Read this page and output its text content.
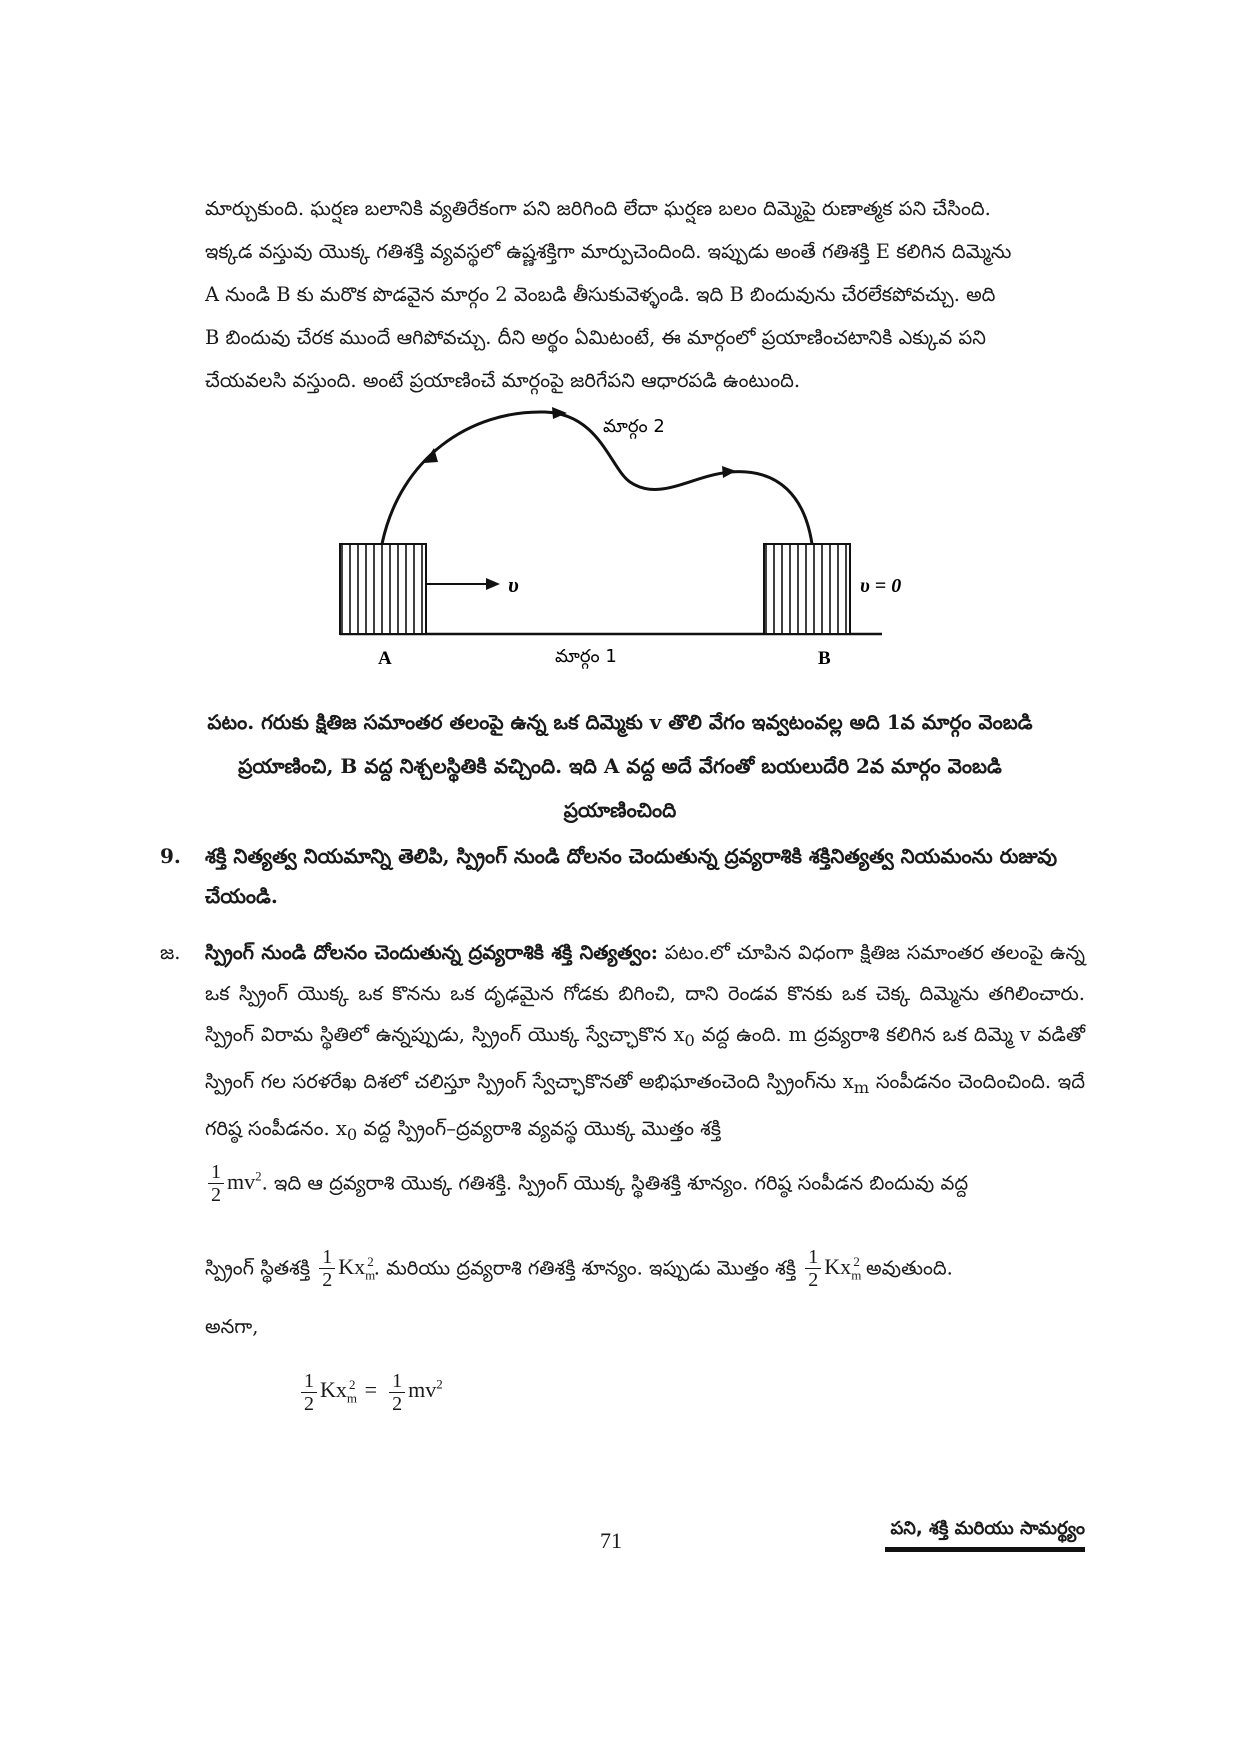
మార్చుకుంది. ఘర్షణ బలానికి వ్యతిరేకంగా పని జరిగింది లేదా ఘర్షణ బలం దిమ్మెపై రుణాత్మక పని చేసింది.

ఇక్కడ వస్తువు యొక్క గతిశక్తి వ్యవస్థలో ఉష్ణశక్తిగా మార్పుచెందింది. ఇప్పుడు అంతే గతిశక్తి E కలిగిన దిమ్మెను

A నుండి B కు మరొక పొడవైన మార్గం 2 వెంబడి తీసుకువెళ్ళండి. ఇది B బిందువును చేరలేకపోవచ్చు. అది

B బిందువు చేరక ముందే ఆగిపోవచ్చు. దీని అర్థం ఏమిటంటే, ఈ మార్గంలో ప్రయాణించటానికి ఎక్కువ పని

చేయవలసి వస్తుంది. అంటే ప్రయాణించే మార్గంపై జరిగేపని ఆధారపడి ఉంటుంది.

υ	υ = 0
మార్గం 2
మార్గం 1
A	B
పటం. గరుకు క్షితిజ సమాంతర తలంపై ఉన్న ఒక దిమ్మెకు v తొలి వేగం ఇవ్వటంవల్ల అది 1వ మార్గం వెంబడి
ప్రయాణించి, B వద్ద నిశ్చలస్థితికి వచ్చింది. ఇది A వద్ద అదే వేగంతో బయలుదేరి 2వ మార్గం వెంబడి
ప్రయాణించింది
9. శక్తి నిత్యత్వ నియమాన్ని తెలిపి, స్ప్రింగ్ నుండి దోలనం చెందుతున్న ద్రవ్యరాశికి శక్తినిత్యత్వ నియమంను రుజువు చేయండి.
జ. స్ప్రింగ్ నుండి దోలనం చెందుతున్న ద్రవ్యరాశికి శక్తి నిత్యత్వం: పటం.లో చూపిన విధంగా క్షితిజ సమాంతర తలంపై ఉన్న ఒక స్ప్రింగ్ యొక్క ఒక కొనను ఒక దృఢమైన గోడకు బిగించి, దాని రెండవ కొనకు ఒక చెక్క దిమ్మెను తగిలించారు. స్ప్రింగ్ విరామ స్థితిలో ఉన్నప్పుడు, స్ప్రింగ్ యొక్క స్వేచ్ఛాకొన $x_0$ వద్ద ఉంది. m ద్రవ్యరాశి కలిగిన ఒక దిమ్మె v వడితో స్ప్రింగ్ గల సరళరేఖ దిశలో చలిస్తూ స్ప్రింగ్ స్వేచ్ఛాకొనతో అభిఘాతంచెంది స్ప్రింగ్‌ను $x_m$ సంపీడనం చెందించింది. ఇదే గరిష్ఠ సంపీడనం. $x_0$ వద్ద స్ప్రింగ్–ద్రవ్యరాశి వ్యవస్థ యొక్క మొత్తం శక్తి
$\frac{1}{2} mv^2$. ఇది ఆ ద్రవ్యరాశి యొక్క గతిశక్తి. స్ప్రింగ్ యొక్క స్థితిశక్తి శూన్యం. గరిష్ఠ సంపీడన బిందువు వద్ద
స్ప్రింగ్ స్థితశక్తి $\frac{1}{2} Kx_m^2$. మరియు ద్రవ్యరాశి గతిశక్తి శూన్యం. ఇప్పుడు మొత్తం శక్తి $\frac{1}{2} Kx_m^2$ అవుతుంది.
అనగా,
$\frac{1}{2} Kx_m^2 = \frac{1}{2} mv^2$
71	పని, శక్తి మరియు సామర్థ్యం
